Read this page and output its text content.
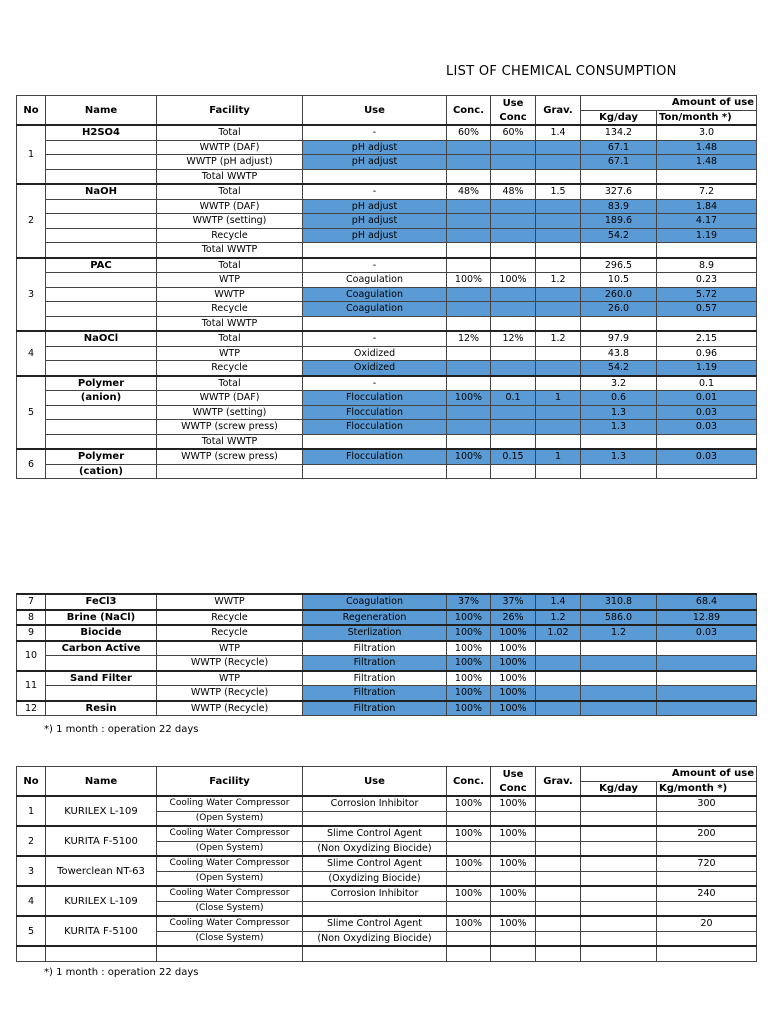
LIST OF CHEMICAL CONSUMPTION
No	Name	Facility	Use	Conc.	Use	Grav.	Amount of use	
					Conc		Kg/day	Ton/month *)
1	H2SO4	Total	-	60%	60%	1.4	134.2	3.0
		WWTP (DAF)	pH adjust				67.1	1.48
		WWTP (pH adjust)	pH adjust				67.1	1.48
		Total WWTP						
2	NaOH	Total	-	48%	48%	1.5	327.6	7.2
		WWTP (DAF)	pH adjust				83.9	1.84
		WWTP (setting)	pH adjust				189.6	4.17
		Recycle	pH adjust				54.2	1.19
		Total WWTP						
3	PAC	Total	-				296.5	8.9
		WTP	Coagulation	100%	100%	1.2	10.5	0.23
		WWTP	Coagulation				260.0	5.72
		Recycle	Coagulation				26.0	0.57
		Total WWTP						
4	NaOCl	Total	-	12%	12%	1.2	97.9	2.15
		WTP	Oxidized				43.8	0.96
		Recycle	Oxidized				54.2	1.19
5	Polymer	Total	-				3.2	0.1
	(anion)	WWTP (DAF)	Flocculation	100%	0.1	1	0.6	0.01
		WWTP (setting)	Flocculation				1.3	0.03
		WWTP (screw press)	Flocculation				1.3	0.03
		Total WWTP						
6	Polymer	WWTP (screw press)	Flocculation	100%	0.15	1	1.3	0.03
	(cation)							
7	FeCl3	WWTP	Coagulation	37%	37%	1.4	310.8	68.4
8	Brine (NaCl)	Recycle	Regeneration	100%	26%	1.2	586.0	12.89
9	Biocide	Recycle	Sterlization	100%	100%	1.02	1.2	0.03
10	Carbon Active	WTP	Filtration	100%	100%			
		WWTP (Recycle)	Filtration	100%	100%			
11	Sand Filter	WTP	Filtration	100%	100%			
		WWTP (Recycle)	Filtration	100%	100%			
12	Resin	WWTP (Recycle)	Filtration	100%	100%			
*) 1 month : operation 22 days
No	Name	Facility	Use	Conc.	Use	Grav.	Amount of use	
					Conc		Kg/day	Kg/month *)
1	KURILEX L-109	Cooling Water Compressor	Corrosion Inhibitor	100%	100%			300
		(Open System)						
2	KURITA F-5100	Cooling Water Compressor	Slime Control Agent	100%	100%			200
		(Open System)	(Non Oxydizing Biocide)					
3	Towerclean NT-63	Cooling Water Compressor	Slime Control Agent	100%	100%			720
		(Open System)	(Oxydizing Biocide)					
4	KURILEX L-109	Cooling Water Compressor	Corrosion Inhibitor	100%	100%			240
		(Close System)						
5	KURITA F-5100	Cooling Water Compressor	Slime Control Agent	100%	100%			20
		(Close System)	(Non Oxydizing Biocide)					

*) 1 month : operation 22 days
